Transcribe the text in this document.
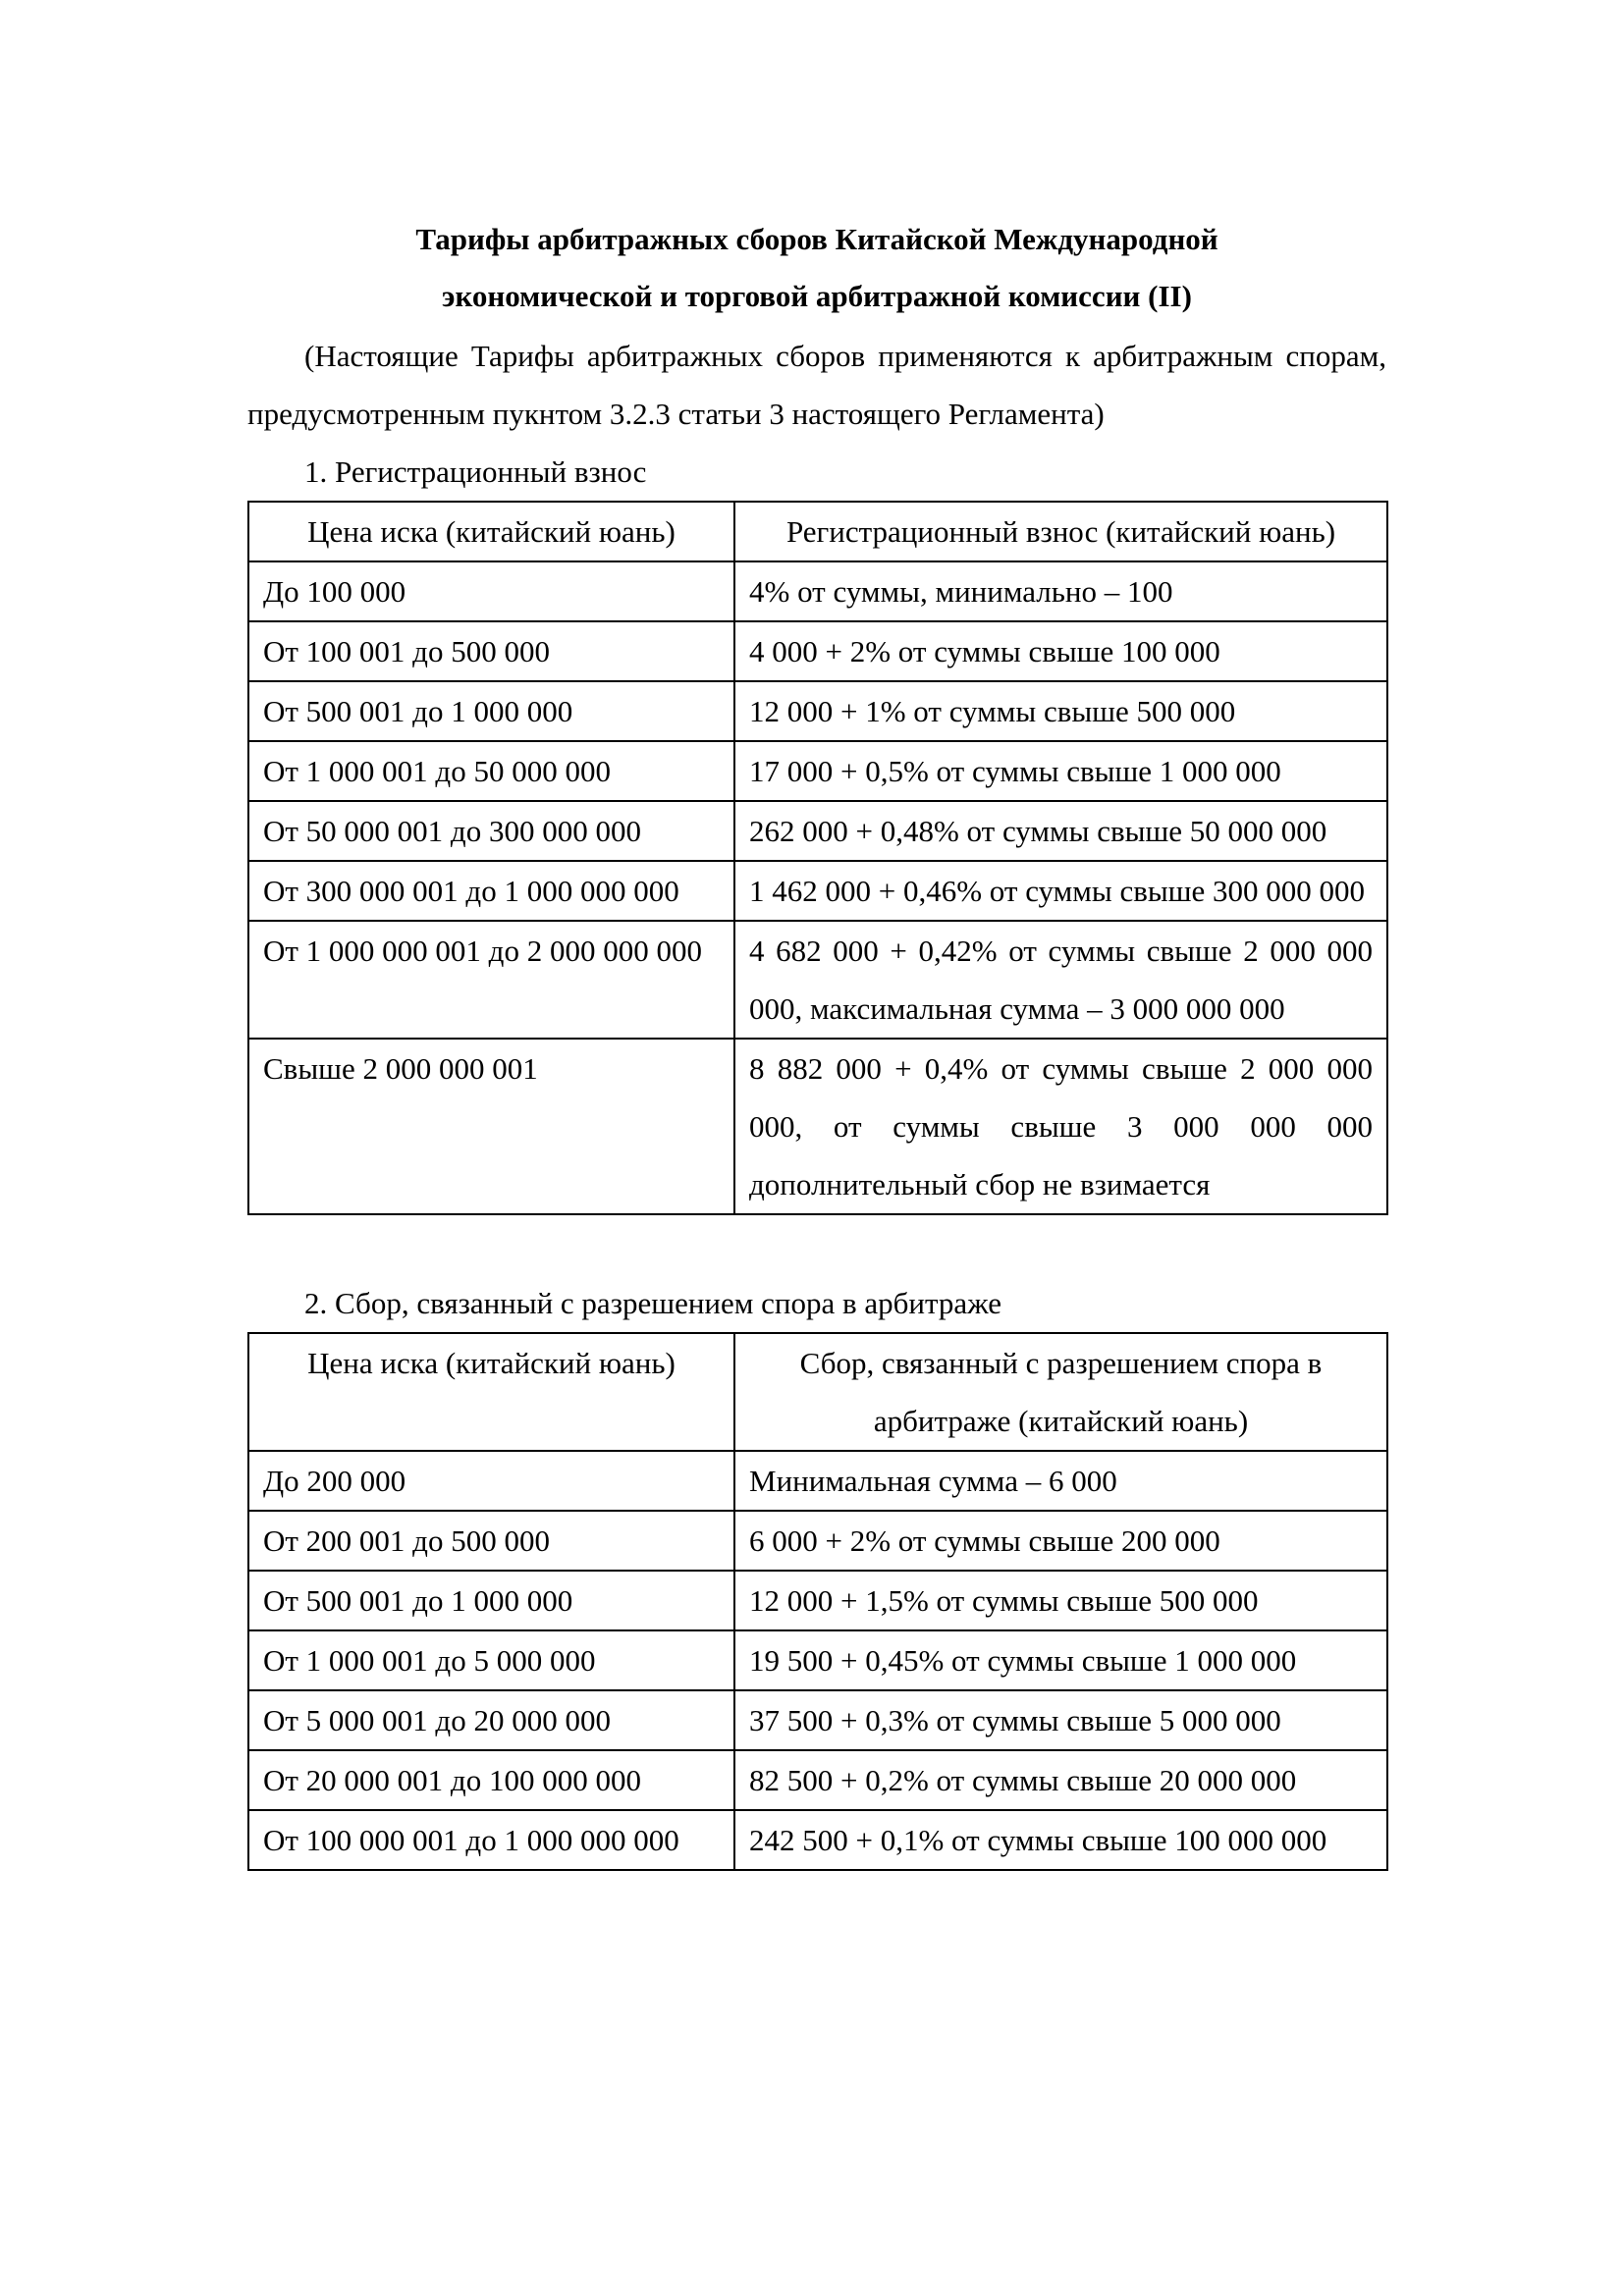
Тарифы арбитражных сборов Китайской Международной
экономической и торговой арбитражной комиссии (II)

(Настоящие Тарифы арбитражных сборов применяются к арбитражным спорам, предусмотренным пукнтом 3.2.3 статьи 3 настоящего Регламента)

1. Регистрационный взнос

Цена иска (китайский юань)	Регистрационный взнос (китайский юань)
До 100 000	4% от суммы, минимально – 100
От 100 001 до 500 000	4 000 + 2% от суммы свыше 100 000
От 500 001 до 1 000 000	12 000 + 1% от суммы свыше 500 000
От 1 000 001 до 50 000 000	17 000 + 0,5% от суммы свыше 1 000 000
От 50 000 001 до 300 000 000	262 000 + 0,48% от суммы свыше 50 000 000
От 300 000 001 до 1 000 000 000	1 462 000 + 0,46% от суммы свыше 300 000 000
От 1 000 000 001 до 2 000 000 000	4 682 000 + 0,42% от суммы свыше 2 000 000 000, максимальная сумма – 3 000 000 000
Свыше 2 000 000 001	8 882 000 + 0,4% от суммы свыше 2 000 000 000, от суммы свыше 3 000 000 000 дополнительный сбор не взимается

2. Сбор, связанный с разрешением спора в арбитраже

Цена иска (китайский юань)	Сбор, связанный с разрешением спора в арбитраже (китайский юань)
До 200 000	Минимальная сумма – 6 000
От 200 001 до 500 000	6 000 + 2% от суммы свыше 200 000
От 500 001 до 1 000 000	12 000 + 1,5% от суммы свыше 500 000
От 1 000 001 до 5 000 000	19 500 + 0,45% от суммы свыше 1 000 000
От 5 000 001 до 20 000 000	37 500 + 0,3% от суммы свыше 5 000 000
От 20 000 001 до 100 000 000	82 500 + 0,2% от суммы свыше 20 000 000
От 100 000 001 до 1 000 000 000	242 500 + 0,1% от суммы свыше 100 000 000
